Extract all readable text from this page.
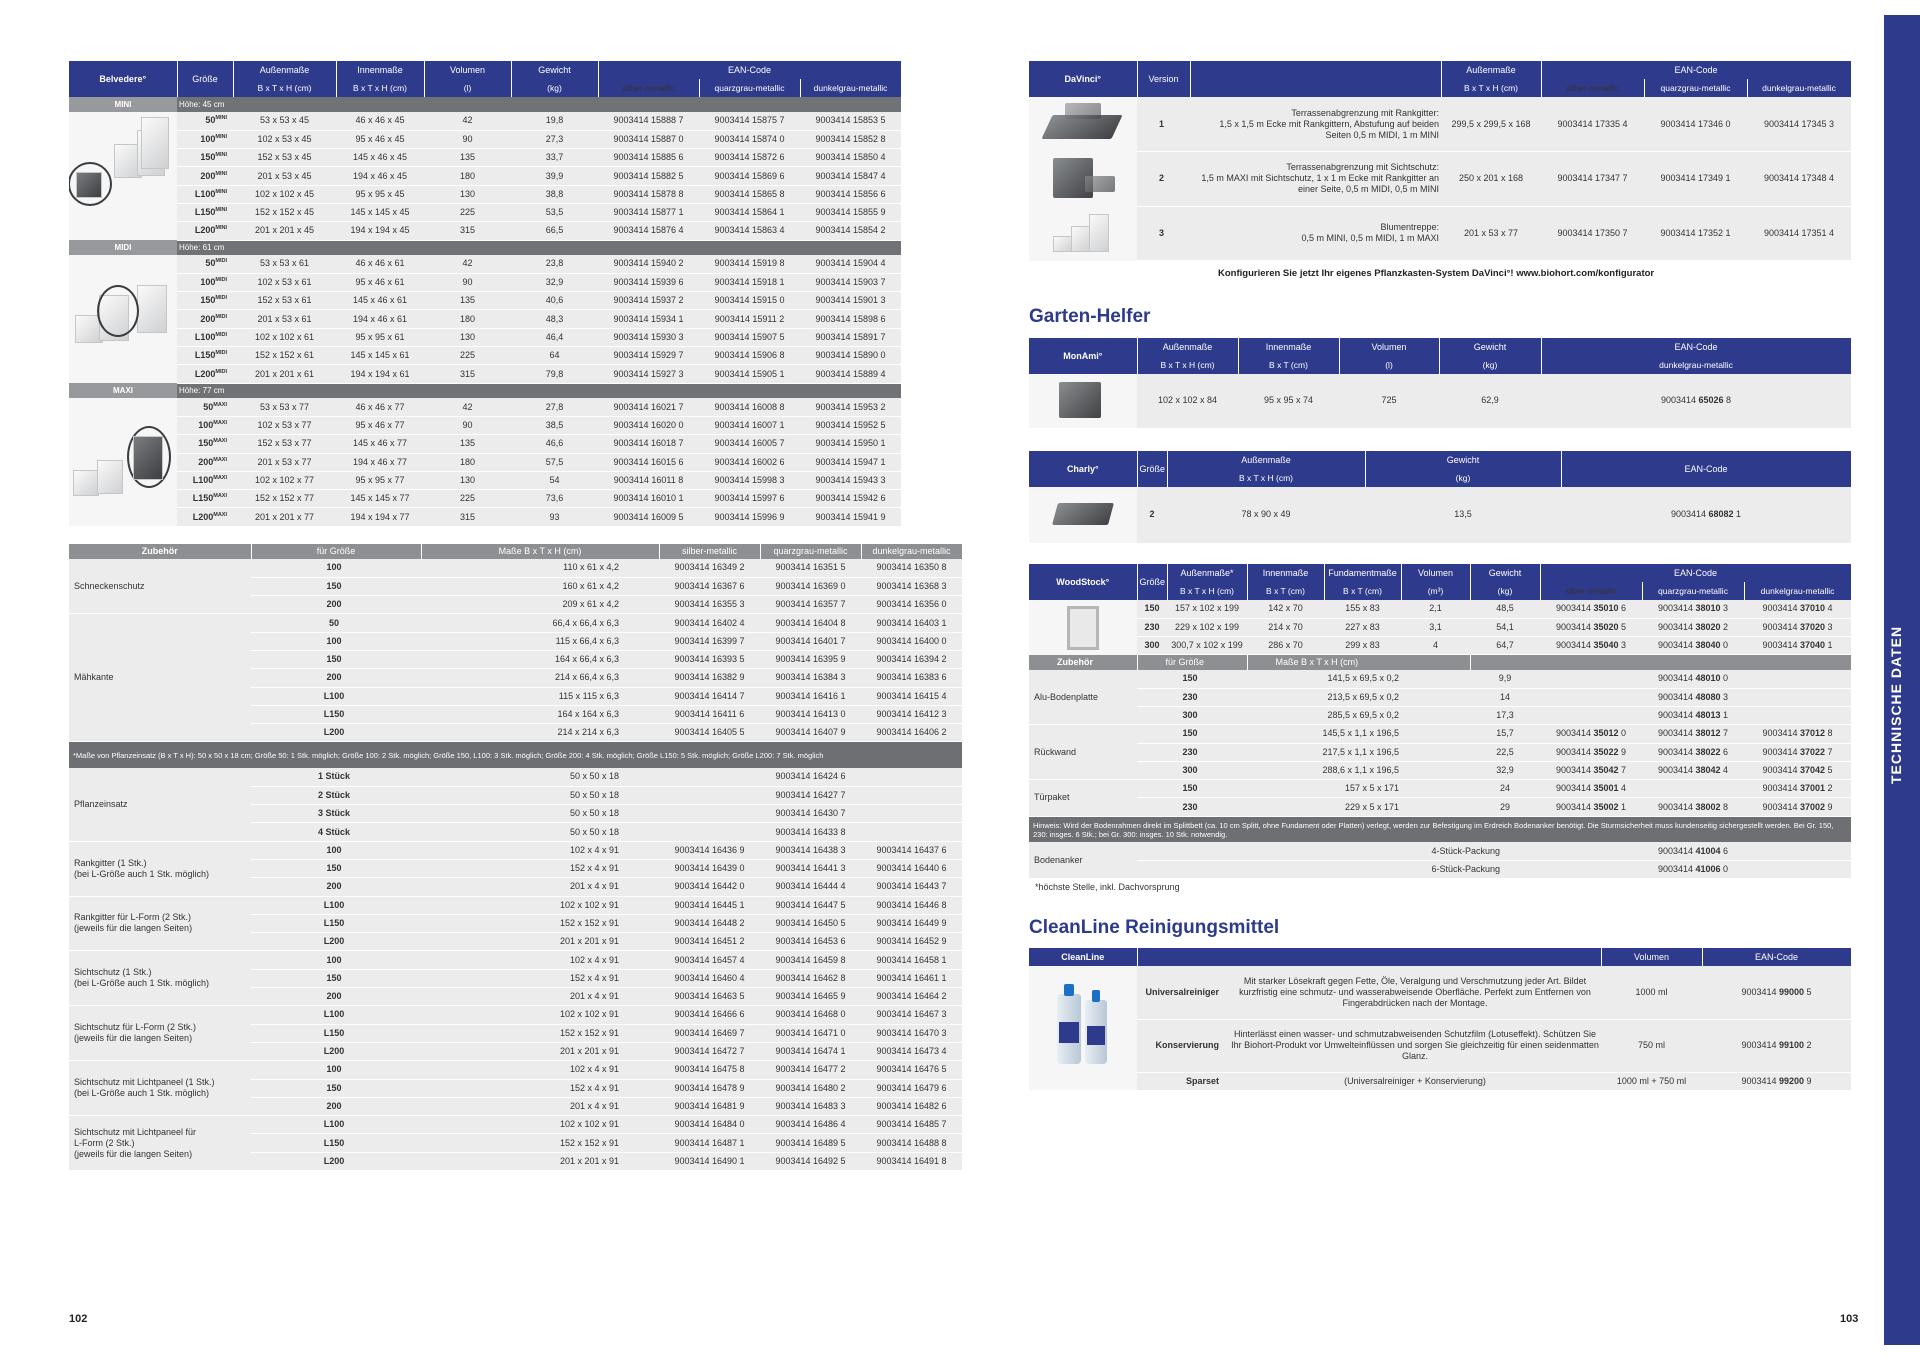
Belvedere°	Größe	Außenmaße	Innenmaße	Volumen	Gewicht	EAN-Code		
		B x T x H (cm)	B x T x H (cm)	(l)	(kg)	silber-metallic	quarzgrau-metallic	dunkelgrau-metallic
MINI	Höhe: 45 cm							

	$50^{MINI}$	53 x 53 x 45	46 x 46 x 45	42	19,8	9003414 15888 7	9003414 15875 7	9003414 15853 5
	$100^{MINI}$	102 x 53 x 45	95 x 46 x 45	90	27,3	9003414 15887 0	9003414 15874 0	9003414 15852 8
	$150^{MINI}$	152 x 53 x 45	145 x 46 x 45	135	33,7	9003414 15885 6	9003414 15872 6	9003414 15850 4
	$200^{MINI}$	201 x 53 x 45	194 x 46 x 45	180	39,9	9003414 15882 5	9003414 15869 6	9003414 15847 4
	$L100^{MINI}$	102 x 102 x 45	95 x 95 x 45	130	38,8	9003414 15878 8	9003414 15865 8	9003414 15856 6
	$L150^{MINI}$	152 x 152 x 45	145 x 145 x 45	225	53,5	9003414 15877 1	9003414 15864 1	9003414 15855 9
	$L200^{MINI}$	201 x 201 x 45	194 x 194 x 45	315	66,5	9003414 15876 4	9003414 15863 4	9003414 15854 2
MIDI	Höhe: 61 cm							

	$50^{MIDI}$	53 x 53 x 61	46 x 46 x 61	42	23,8	9003414 15940 2	9003414 15919 8	9003414 15904 4
	$100^{MIDI}$	102 x 53 x 61	95 x 46 x 61	90	32,9	9003414 15939 6	9003414 15918 1	9003414 15903 7
	$150^{MIDI}$	152 x 53 x 61	145 x 46 x 61	135	40,6	9003414 15937 2	9003414 15915 0	9003414 15901 3
	$200^{MIDI}$	201 x 53 x 61	194 x 46 x 61	180	48,3	9003414 15934 1	9003414 15911 2	9003414 15898 6
	$L100^{MIDI}$	102 x 102 x 61	95 x 95 x 61	130	46,4	9003414 15930 3	9003414 15907 5	9003414 15891 7
	$L150^{MIDI}$	152 x 152 x 61	145 x 145 x 61	225	64	9003414 15929 7	9003414 15906 8	9003414 15890 0
	$L200^{MIDI}$	201 x 201 x 61	194 x 194 x 61	315	79,8	9003414 15927 3	9003414 15905 1	9003414 15889 4
MAXI	Höhe: 77 cm							

	$50^{MAXI}$	53 x 53 x 77	46 x 46 x 77	42	27,8	9003414 16021 7	9003414 16008 8	9003414 15953 2
	$100^{MAXI}$	102 x 53 x 77	95 x 46 x 77	90	38,5	9003414 16020 0	9003414 16007 1	9003414 15952 5
	$150^{MAXI}$	152 x 53 x 77	145 x 46 x 77	135	46,6	9003414 16018 7	9003414 16005 7	9003414 15950 1
	$200^{MAXI}$	201 x 53 x 77	194 x 46 x 77	180	57,5	9003414 16015 6	9003414 16002 6	9003414 15947 1
	$L100^{MAXI}$	102 x 102 x 77	95 x 95 x 77	130	54	9003414 16011 8	9003414 15998 3	9003414 15943 3
	$L150^{MAXI}$	152 x 152 x 77	145 x 145 x 77	225	73,6	9003414 16010 1	9003414 15997 6	9003414 15942 6
	$L200^{MAXI}$	201 x 201 x 77	194 x 194 x 77	315	93	9003414 16009 5	9003414 15996 9	9003414 15941 9
Zubehör	für Größe	Maße B x T x H (cm)	silber-metallic	quarzgrau-metallic	dunkelgrau-metallic
Schneckenschutz	100	110 x 61 x 4,2	9003414 16349 2	9003414 16351 5	9003414 16350 8
	150	160 x 61 x 4,2	9003414 16367 6	9003414 16369 0	9003414 16368 3
	200	209 x 61 x 4,2	9003414 16355 3	9003414 16357 7	9003414 16356 0
Mähkante	50	66,4 x 66,4 x 6,3	9003414 16402 4	9003414 16404 8	9003414 16403 1
	100	115 x 66,4 x 6,3	9003414 16399 7	9003414 16401 7	9003414 16400 0
	150	164 x 66,4 x 6,3	9003414 16393 5	9003414 16395 9	9003414 16394 2
	200	214 x 66,4 x 6,3	9003414 16382 9	9003414 16384 3	9003414 16383 6
	L100	115 x 115 x 6,3	9003414 16414 7	9003414 16416 1	9003414 16415 4
	L150	164 x 164 x 6,3	9003414 16411 6	9003414 16413 0	9003414 16412 3
	L200	214 x 214 x 6,3	9003414 16405 5	9003414 16407 9	9003414 16406 2
*Maße von Pflanzeinsatz (B x T x H): 50 x 50 x 18 cm; Größe 50: 1 Stk. möglich; Größe 100: 2 Stk. möglich; Größe 150, L100: 3 Stk. möglich; Größe 200: 4 Stk. möglich; Größe L150: 5 Stk. möglich; Größe L200: 7 Stk. möglich					
Pflanzeinsatz	1 Stück	50 x 50 x 18		9003414 16424 6	
	2 Stück	50 x 50 x 18		9003414 16427 7	
	3 Stück	50 x 50 x 18		9003414 16430 7	
	4 Stück	50 x 50 x 18		9003414 16433 8	
Rankgitter (1 Stk.)
(bei L-Größe auch 1 Stk. möglich)	100	102 x 4 x 91	9003414 16436 9	9003414 16438 3	9003414 16437 6
	150	152 x 4 x 91	9003414 16439 0	9003414 16441 3	9003414 16440 6
	200	201 x 4 x 91	9003414 16442 0	9003414 16444 4	9003414 16443 7
Rankgitter für L-Form (2 Stk.)
(jeweils für die langen Seiten)	L100	102 x 102 x 91	9003414 16445 1	9003414 16447 5	9003414 16446 8
	L150	152 x 152 x 91	9003414 16448 2	9003414 16450 5	9003414 16449 9
	L200	201 x 201 x 91	9003414 16451 2	9003414 16453 6	9003414 16452 9
Sichtschutz (1 Stk.)
(bei L-Größe auch 1 Stk. möglich)	100	102 x 4 x 91	9003414 16457 4	9003414 16459 8	9003414 16458 1
	150	152 x 4 x 91	9003414 16460 4	9003414 16462 8	9003414 16461 1
	200	201 x 4 x 91	9003414 16463 5	9003414 16465 9	9003414 16464 2
Sichtschutz für L-Form (2 Stk.)
(jeweils für die langen Seiten)	L100	102 x 102 x 91	9003414 16466 6	9003414 16468 0	9003414 16467 3
	L150	152 x 152 x 91	9003414 16469 7	9003414 16471 0	9003414 16470 3
	L200	201 x 201 x 91	9003414 16472 7	9003414 16474 1	9003414 16473 4
Sichtschutz mit Lichtpaneel (1 Stk.)
(bei L-Größe auch 1 Stk. möglich)	100	102 x 4 x 91	9003414 16475 8	9003414 16477 2	9003414 16476 5
	150	152 x 4 x 91	9003414 16478 9	9003414 16480 2	9003414 16479 6
	200	201 x 4 x 91	9003414 16481 9	9003414 16483 3	9003414 16482 6
Sichtschutz mit Lichtpaneel für
L-Form (2 Stk.)
(jeweils für die langen Seiten)	L100	102 x 102 x 91	9003414 16484 0	9003414 16486 4	9003414 16485 7
	L150	152 x 152 x 91	9003414 16487 1	9003414 16489 5	9003414 16488 8
	L200	201 x 201 x 91	9003414 16490 1	9003414 16492 5	9003414 16491 8
102
DaVinci°	Version		Außenmaße	EAN-Code		
			B x T x H (cm)	silber-metallic	quarzgrau-metallic	dunkelgrau-metallic

	1	Terrassenabgrenzung mit Rankgitter:
1,5 x 1,5 m Ecke mit Rankgittern, Abstufung auf beiden Seiten 0,5 m MIDI, 1 m MINI	299,5 x 299,5 x 168	9003414 17335 4	9003414 17346 0	9003414 17345 3

	2	Terrassenabgrenzung mit Sichtschutz:
1,5 m MAXI mit Sichtschutz, 1 x 1 m Ecke mit Rankgitter an einer Seite, 0,5 m MIDI, 0,5 m MINI	250 x 201 x 168	9003414 17347 7	9003414 17349 1	9003414 17348 4

	3	Blumentreppe:
0,5 m MINI, 0,5 m MIDI, 1 m MAXI	201 x 53 x 77	9003414 17350 7	9003414 17352 1	9003414 17351 4
Konfigurieren Sie jetzt Ihr eigenes Pflanzkasten-System DaVinci°! www.biohort.com/konfigurator
Garten-Helfer
MonAmi°	Außenmaße	Innenmaße	Volumen	Gewicht	EAN-Code
	B x T x H (cm)	B x T (cm)	(l)	(kg)	dunkelgrau-metallic

	102 x 102 x 84	95 x 95 x 74	725	62,9	9003414 65026 8
Charly°	Größe	Außenmaße	Gewicht	EAN-Code
		B x T x H (cm)	(kg)	

	2	78 x 90 x 49	13,5	9003414 68082 1
WoodStock°	Größe	Außenmaße*	Innenmaße	Fundamentmaße	Volumen	Gewicht	EAN-Code		
		B x T x H (cm)	B x T (cm)	B x T (cm)	(m³)	(kg)	silber-metallic	quarzgrau-metallic	dunkelgrau-metallic

	150	157 x 102 x 199	142 x 70	155 x 83	2,1	48,5	9003414 35010 6	9003414 38010 3	9003414 37010 4
	230	229 x 102 x 199	214 x 70	227 x 83	3,1	54,1	9003414 35020 5	9003414 38020 2	9003414 37020 3
	300	300,7 x 102 x 199	286 x 70	299 x 83	4	64,7	9003414 35040 3	9003414 38040 0	9003414 37040 1
Zubehör	für Größe		Maße B x T x H (cm)						
Alu-Bodenplatte	150		141,5 x 69,5 x 0,2			9,9		9003414 48010 0	
	230		213,5 x 69,5 x 0,2			14		9003414 48080 3	
	300		285,5 x 69,5 x 0,2			17,3		9003414 48013 1	
Rückwand	150		145,5 x 1,1 x 196,5			15,7	9003414 35012 0	9003414 38012 7	9003414 37012 8
	230		217,5 x 1,1 x 196,5			22,5	9003414 35022 9	9003414 38022 6	9003414 37022 7
	300		288,6 x 1,1 x 196,5			32,9	9003414 35042 7	9003414 38042 4	9003414 37042 5
Türpaket	150		157 x 5 x 171			24	9003414 35001 4		9003414 37001 2
	230		229 x 5 x 171			29	9003414 35002 1	9003414 38002 8	9003414 37002 9
Hinweis: Wird der Bodenrahmen direkt im Splittbett (ca. 10 cm Splitt, ohne Fundament oder Platten) verlegt, werden zur Befestigung im Erdreich Bodenanker benötigt. Die Sturmsicherheit muss kundenseitig sichergestellt werden. Bei Gr. 150, 230: insges. 6 Stk.; bei Gr. 300: insges. 10 Stk. notwendig.									
Bodenanker	4-Stück-Packung							9003414 41004 6	
	6-Stück-Packung							9003414 41006 0	
*höchste Stelle, inkl. Dachvorsprung
CleanLine Reinigungsmittel
CleanLine			Volumen	EAN-Code

	Universalreiniger	Mit starker Lösekraft gegen Fette, Öle, Veralgung und Verschmutzung jeder Art. Bildet kurzfristig eine schmutz- und wasserabweisende Oberfläche. Perfekt zum Entfernen von Fingerabdrücken nach der Montage.	1000 ml	9003414 99000 5
	Konservierung	Hinterlässt einen wasser- und schmutzabweisenden Schutzfilm (Lotuseffekt). Schützen Sie Ihr Biohort-Produkt vor Umwelteinflüssen und sorgen Sie gleichzeitig für einen seidenmatten Glanz.	750 ml	9003414 99100 2
	Sparset	(Universalreiniger + Konservierung)	1000 ml + 750 ml	9003414 99200 9
103
TECHNISCHE DATEN
